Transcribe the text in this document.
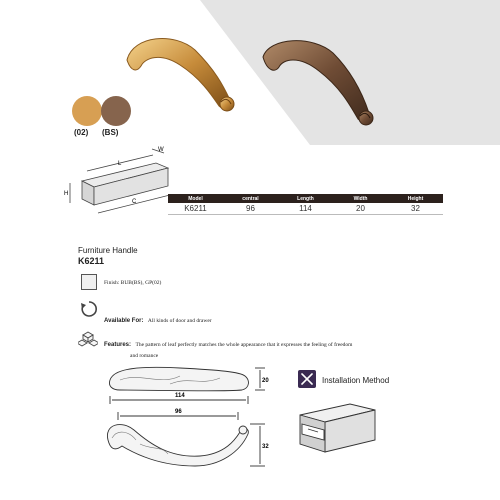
(02) (BS)
L
W
H
C
Model	central	Length	Width	Height
K6211	96	114	20	32
Furniture Handle
K6211
Finish: BUB(BS), GP(02)
Available For: All kinds of door and drawer
Features: The pattern of leaf perfectly matches the whole appearance that it expresses the feeling of freedom
and romance
114
96
20
32
Installation Method
